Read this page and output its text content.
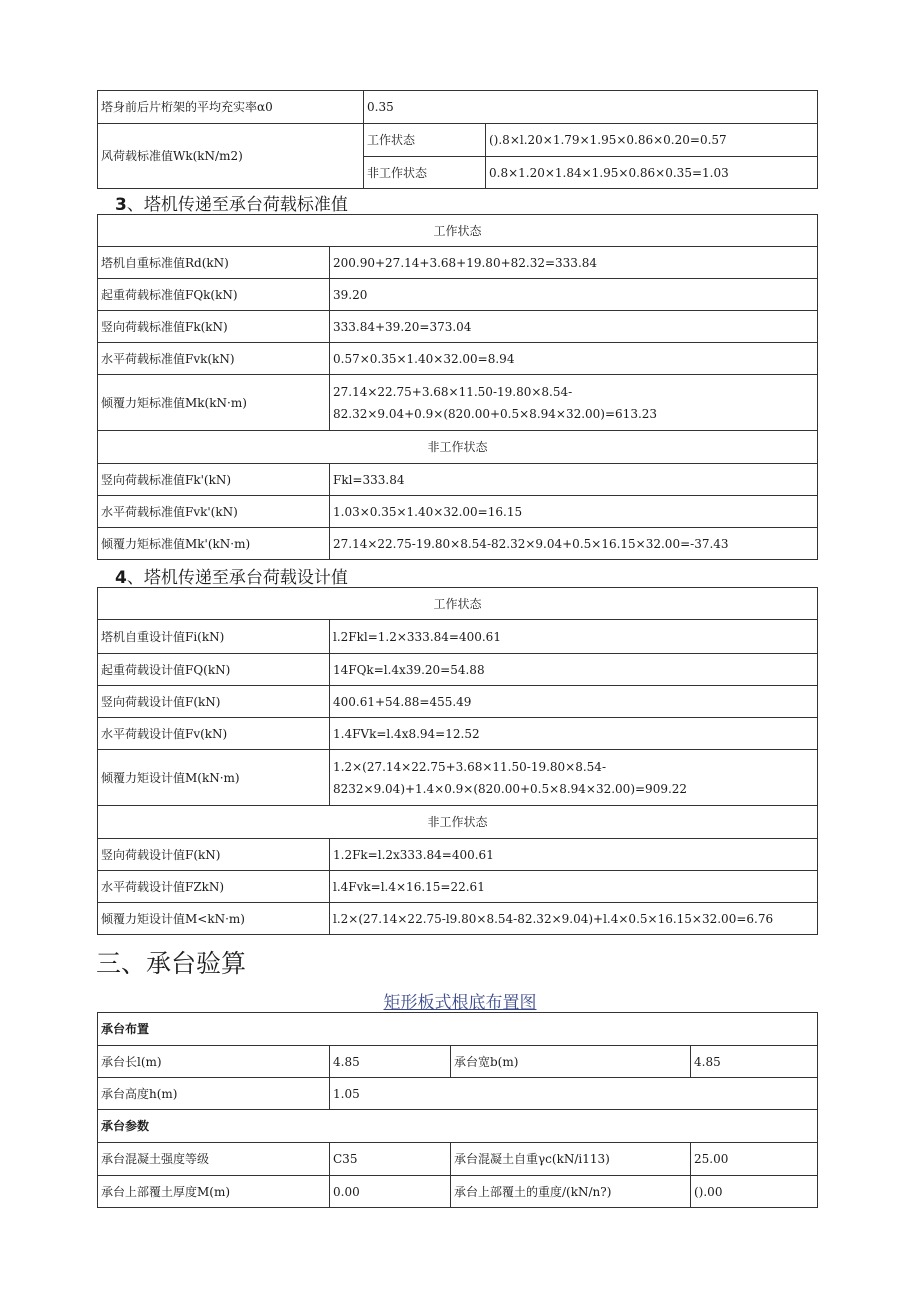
塔身前后片桁架的平均充实率α0	0.35	
风荷载标准值Wk(kN/m2)	工作状态	().8×l.20×1.79×1.95×0.86×0.20=0.57
	非工作状态	0.8×1.20×1.84×1.95×0.86×0.35=1.03
3、塔机传递至承台荷载标准值
工作状态	
塔机自重标准值Rd(kN)	200.90+27.14+3.68+19.80+82.32=333.84
起重荷载标准值FQk(kN)	39.20
竖向荷载标准值Fk(kN)	333.84+39.20=373.04
水平荷载标准值Fvk(kN)	0.57×0.35×1.40×32.00=8.94
倾覆力矩标准值Mk(kN·m)	27.14×22.75+3.68×11.50-19.80×8.54-82.32×9.04+0.9×(820.00+0.5×8.94×32.00)=613.23
非工作状态	
竖向荷载标准值Fk'(kN)	Fkl=333.84
水平荷载标准值Fvk'(kN)	1.03×0.35×1.40×32.00=16.15
倾覆力矩标准值Mk'(kN·m)	27.14×22.75-19.80×8.54-82.32×9.04+0.5×16.15×32.00=-37.43
4、塔机传递至承台荷载设计值
工作状态	
塔机自重设计值Fi(kN)	l.2Fkl=1.2×333.84=400.61
起重荷载设计值FQ(kN)	14FQk=l.4x39.20=54.88
竖向荷载设计值F(kN)	400.61+54.88=455.49
水平荷载设计值Fv(kN)	1.4FVk=l.4x8.94=12.52
倾覆力矩设计值M(kN·m)	1.2×(27.14×22.75+3.68×11.50-19.80×8.54-8232×9.04)+1.4×0.9×(820.00+0.5×8.94×32.00)=909.22
非工作状态	
竖向荷载设计值F(kN)	1.2Fk=l.2x333.84=400.61
水平荷载设计值FZkN)	l.4Fvk=l.4×16.15=22.61
倾覆力矩设计值M<kN·m)	l.2×(27.14×22.75-l9.80×8.54-82.32×9.04)+l.4×0.5×16.15×32.00=6.76
三、承台验算
矩形板式根底布置图
承台布置			
承台长l(m)	4.85	承台宽b(m)	4.85
承台高度h(m)	1.05		
承台参数			
承台混凝土强度等级	C35	承台混凝土自重γc(kN/i113)	25.00
承台上部覆土厚度M(m)	0.00	承台上部覆土的重度/(kN/n?)	().00
